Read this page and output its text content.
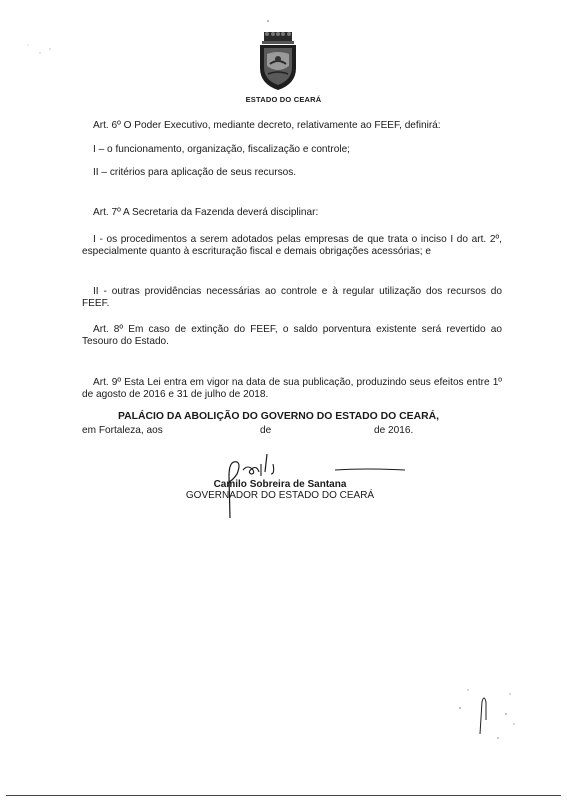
ESTADO DO CEARÁ
Art. 6º O Poder Executivo, mediante decreto, relativamente ao FEEF, definirá:
I – o funcionamento, organização, fiscalização e controle;
II – critérios para aplicação de seus recursos.
Art. 7º A Secretaria da Fazenda deverá disciplinar:
I - os procedimentos a serem adotados pelas empresas de que trata o inciso I do art. 2º, especialmente quanto à escrituração fiscal e demais obrigações acessórias; e
II - outras providências necessárias ao controle e à regular utilização dos recursos do FEEF.
Art. 8º Em caso de extinção do FEEF, o saldo porventura existente será revertido ao Tesouro do Estado.
Art. 9º Esta Lei entra em vigor na data de sua publicação, produzindo seus efeitos entre 1º de agosto de 2016 e 31 de julho de 2018.
PALÁCIO DA ABOLIÇÃO DO GOVERNO DO ESTADO DO CEARÁ,
em Fortaleza, aos	de	de 2016.
Camilo Sobreira de Santana
GOVERNADOR DO ESTADO DO CEARÁ
